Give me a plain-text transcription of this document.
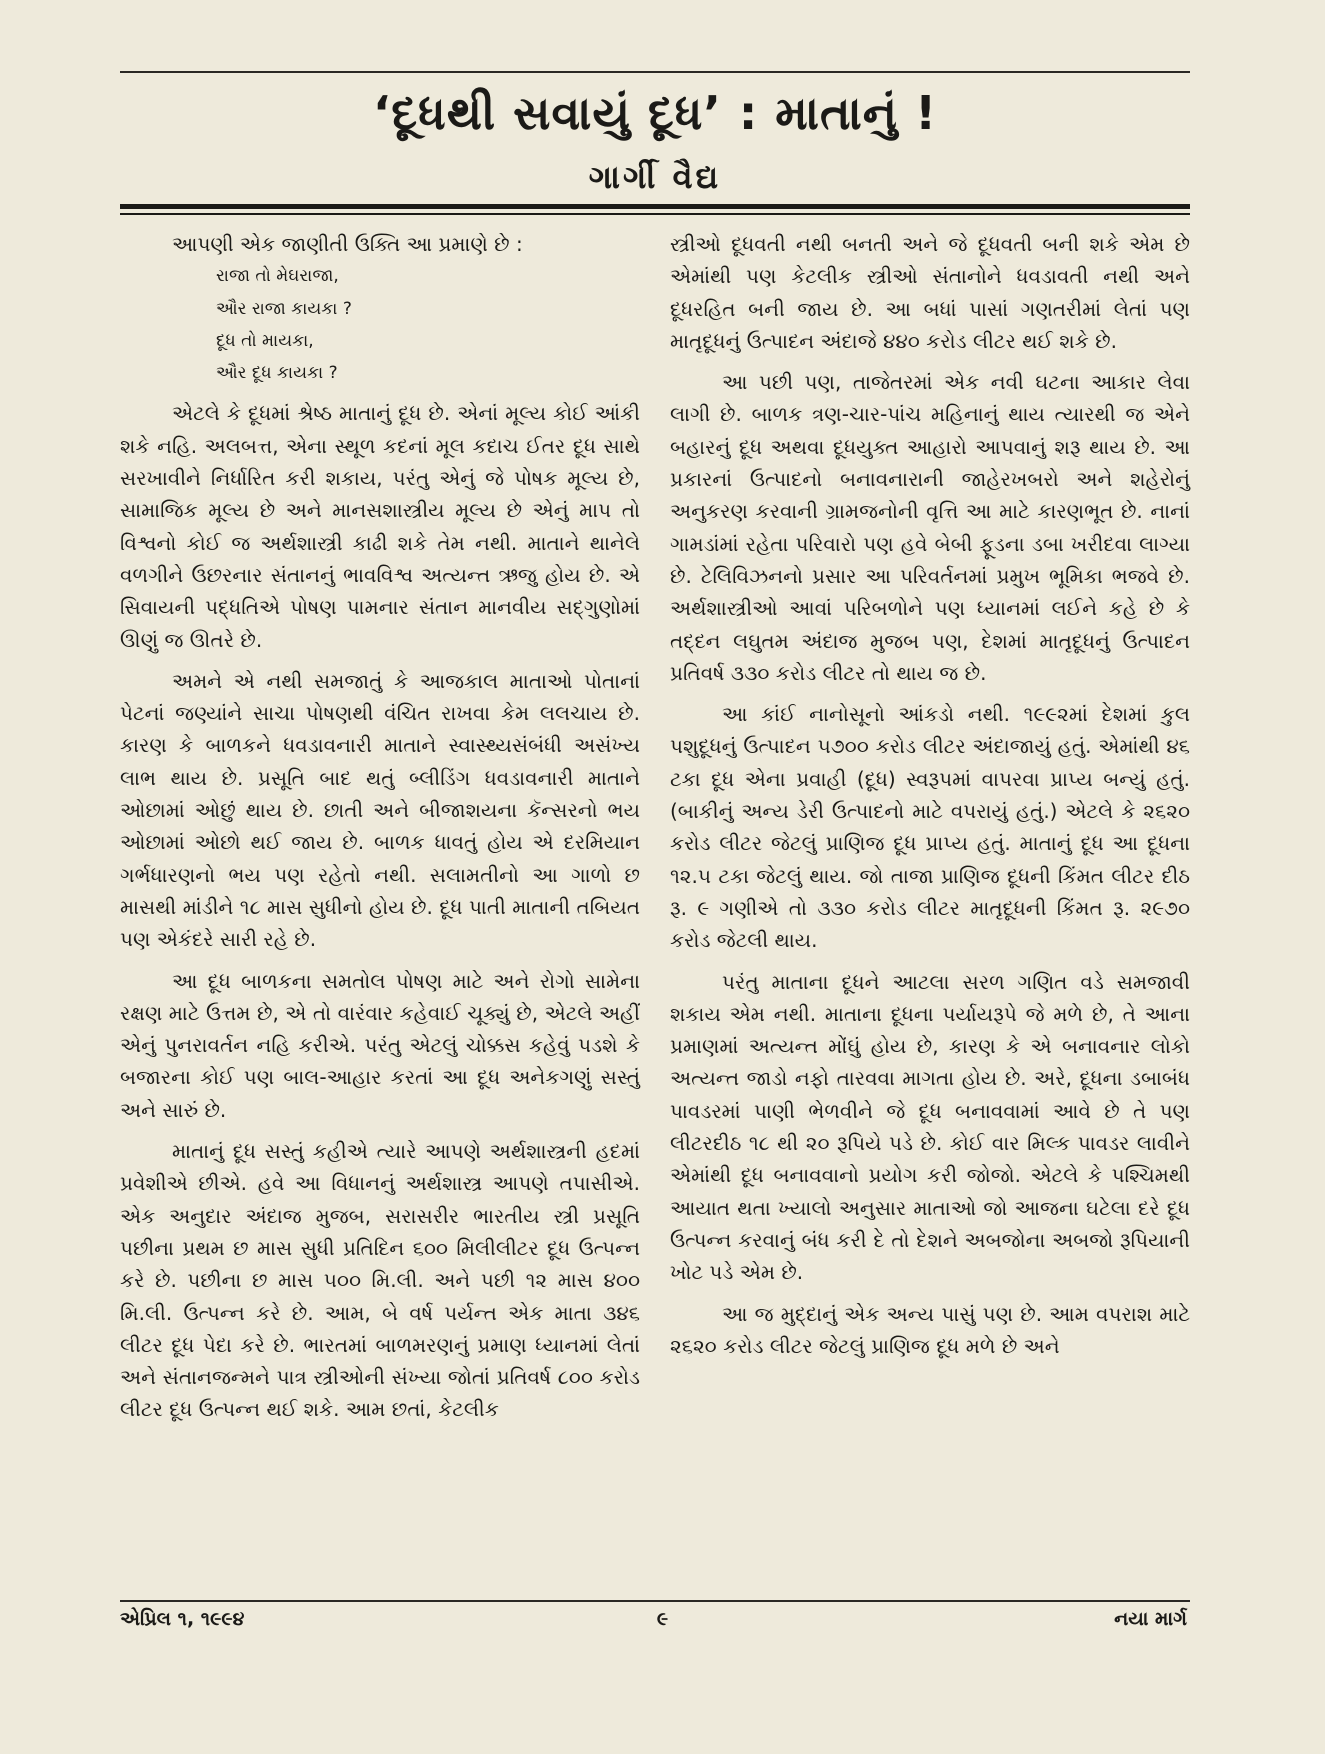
‘દૂધથી સવાયું દૂધ’ : માતાનું !
ગાર્ગી વૈદ્ય

આપણી એક જાણીતી ઉક્તિ આ પ્રમાણે છે :

રાજા તો મેઘરાજા,
ઔર રાજા કાયકા ?
દૂધ તો માયકા,
ઔર દૂધ કાયકા ?

એટલે કે દૂધમાં શ્રેષ્ઠ માતાનું દૂધ છે. એનાં મૂલ્ય કોઈ આંકી શકે નહિ. અલબત્ત, એના સ્થૂળ કદનાં મૂલ કદાચ ઈતર દૂધ સાથે સરખાવીને નિર્ધારિત કરી શકાય, પરંતુ એનું જે પોષક મૂલ્ય છે, સામાજિક મૂલ્ય છે અને માનસશાસ્ત્રીય મૂલ્ય છે એનું માપ તો વિશ્વનો કોઈ જ અર્થશાસ્ત્રી કાઢી શકે તેમ નથી. માતાને થાનેલે વળગીને ઉછરનાર સંતાનનું ભાવવિશ્વ અત્યન્ત ઋજુ હોય છે. એ સિવાયની પદ્ધતિએ પોષણ પામનાર સંતાન માનવીય સદ્ગુણોમાં ઊણું જ ઊતરે છે.

અમને એ નથી સમજાતું કે આજકાલ માતાઓ પોતાનાં પેટનાં જણ્યાંને સાચા પોષણથી વંચિત રાખવા કેમ લલચાય છે. કારણ કે બાળકને ધવડાવનારી માતાને સ્વાસ્થ્યસંબંધી અસંખ્ય લાભ થાય છે. પ્રસૂતિ બાદ થતું બ્લીડિંગ ધવડાવનારી માતાને ઓછામાં ઓછું થાય છે. છાતી અને બીજાશયના કૅન્સરનો ભય ઓછામાં ઓછો થઈ જાય છે. બાળક ધાવતું હોય એ દરમિયાન ગર્ભધારણનો ભય પણ રહેતો નથી. સલામતીનો આ ગાળો છ માસથી માંડીને ૧૮ માસ સુધીનો હોય છે. દૂધ પાતી માતાની તબિયત પણ એકંદરે સારી રહે છે.

આ દૂધ બાળકના સમતોલ પોષણ માટે અને રોગો સામેના રક્ષણ માટે ઉત્તમ છે, એ તો વારંવાર કહેવાઈ ચૂક્યું છે, એટલે અહીં એનું પુનરાવર્તન નહિ કરીએ. પરંતુ એટલું ચોક્કસ કહેવું પડશે કે બજારના કોઈ પણ બાલ-આહાર કરતાં આ દૂધ અનેકગણું સસ્તું અને સારું છે.

માતાનું દૂધ સસ્તું કહીએ ત્યારે આપણે અર્થશાસ્ત્રની હદમાં પ્રવેશીએ છીએ. હવે આ વિધાનનું અર્થશાસ્ત્ર આપણે તપાસીએ. એક અનુદાર અંદાજ મુજબ, સરાસરીર ભારતીય સ્ત્રી પ્રસૂતિ પછીના પ્રથમ છ માસ સુધી પ્રતિદિન ૬૦૦ મિલીલીટર દૂધ ઉત્પન્ન કરે છે. પછીના છ માસ ૫૦૦ મિ.લી. અને પછી ૧૨ માસ ૪૦૦ મિ.લી. ઉત્પન્ન કરે છે. આમ, બે વર્ષ પર્યન્ત એક માતા ૩૪૬ લીટર દૂધ પેદા કરે છે. ભારતમાં બાળમરણનું પ્રમાણ ધ્યાનમાં લેતાં અને સંતાનજન્મને પાત્ર સ્ત્રીઓની સંખ્યા જોતાં પ્રતિવર્ષ ૮૦૦ કરોડ લીટર દૂધ ઉત્પન્ન થઈ શકે. આમ છતાં, કેટલીક

સ્ત્રીઓ દૂધવતી નથી બનતી અને જે દૂધવતી બની શકે એમ છે એમાંથી પણ કેટલીક સ્ત્રીઓ સંતાનોને ધવડાવતી નથી અને દૂધરહિત બની જાય છે. આ બધાં પાસાં ગણતરીમાં લેતાં પણ માતૃદૂધનું ઉત્પાદન અંદાજે ૪૪૦ કરોડ લીટર થઈ શકે છે.

આ પછી પણ, તાજેતરમાં એક નવી ઘટના આકાર લેવા લાગી છે. બાળક ત્રણ-ચાર-પાંચ મહિનાનું થાય ત્યારથી જ એને બહારનું દૂધ અથવા દૂધયુક્ત આહારો આપવાનું શરૂ થાય છે. આ પ્રકારનાં ઉત્પાદનો બનાવનારાની જાહેરખબરો અને શહેરોનું અનુકરણ કરવાની ગ્રામજનોની વૃત્તિ આ માટે કારણભૂત છે. નાનાં ગામડાંમાં રહેતા પરિવારો પણ હવે બેબી ફૂડના ડબા ખરીદવા લાગ્યા છે. ટેલિવિઝનનો પ્રસાર આ પરિવર્તનમાં પ્રમુખ ભૂમિકા ભજવે છે. અર્થશાસ્ત્રીઓ આવાં પરિબળોને પણ ધ્યાનમાં લઈને કહે છે કે તદ્દન લઘુતમ અંદાજ મુજબ પણ, દેશમાં માતૃદૂધનું ઉત્પાદન પ્રતિવર્ષ ૩૩૦ કરોડ લીટર તો થાય જ છે.

આ કાંઈ નાનોસૂનો આંકડો નથી. ૧૯૯૨માં દેશમાં કુલ પશુદૂધનું ઉત્પાદન ૫૭૦૦ કરોડ લીટર અંદાજાયું હતું. એમાંથી ૪૬ ટકા દૂધ એના પ્રવાહી (દૂધ) સ્વરૂપમાં વાપરવા પ્રાપ્ય બન્યું હતું. (બાકીનું અન્ય ડેરી ઉત્પાદનો માટે વપરાયું હતું.) એટલે કે ૨૬૨૦ કરોડ લીટર જેટલું પ્રાણિજ દૂધ પ્રાપ્ય હતું. માતાનું દૂધ આ દૂધના ૧૨.૫ ટકા જેટલું થાય. જો તાજા પ્રાણિજ દૂધની કિંમત લીટર દીઠ રૂ. ૯ ગણીએ તો ૩૩૦ કરોડ લીટર માતૃદૂધની કિંમત રૂ. ૨૯૭૦ કરોડ જેટલી થાય.

પરંતુ માતાના દૂધને આટલા સરળ ગણિત વડે સમજાવી શકાય એમ નથી. માતાના દૂધના પર્યાયરૂપે જે મળે છે, તે આના પ્રમાણમાં અત્યન્ત મોંઘું હોય છે, કારણ કે એ બનાવનાર લોકો અત્યન્ત જાડો નફો તારવવા માગતા હોય છે. અરે, દૂધના ડબાબંધ પાવડરમાં પાણી ભેળવીને જે દૂધ બનાવવામાં આવે છે તે પણ લીટરદીઠ ૧૮ થી ૨૦ રૂપિયે પડે છે. કોઈ વાર મિલ્ક પાવડર લાવીને એમાંથી દૂધ બનાવવાનો પ્રયોગ કરી જોજો. એટલે કે પશ્ચિમથી આયાત થતા ખ્યાલો અનુસાર માતાઓ જો આજના ઘટેલા દરે દૂધ ઉત્પન્ન કરવાનું બંધ કરી દે તો દેશને અબજોના અબજો રૂપિયાની ખોટ પડે એમ છે.

આ જ મુદ્દાનું એક અન્ય પાસું પણ છે. આમ વપરાશ માટે ૨૬૨૦ કરોડ લીટર જેટલું પ્રાણિજ દૂધ મળે છે અને

એપ્રિલ ૧, ૧૯૯૪	૯	નયા માર્ગ
